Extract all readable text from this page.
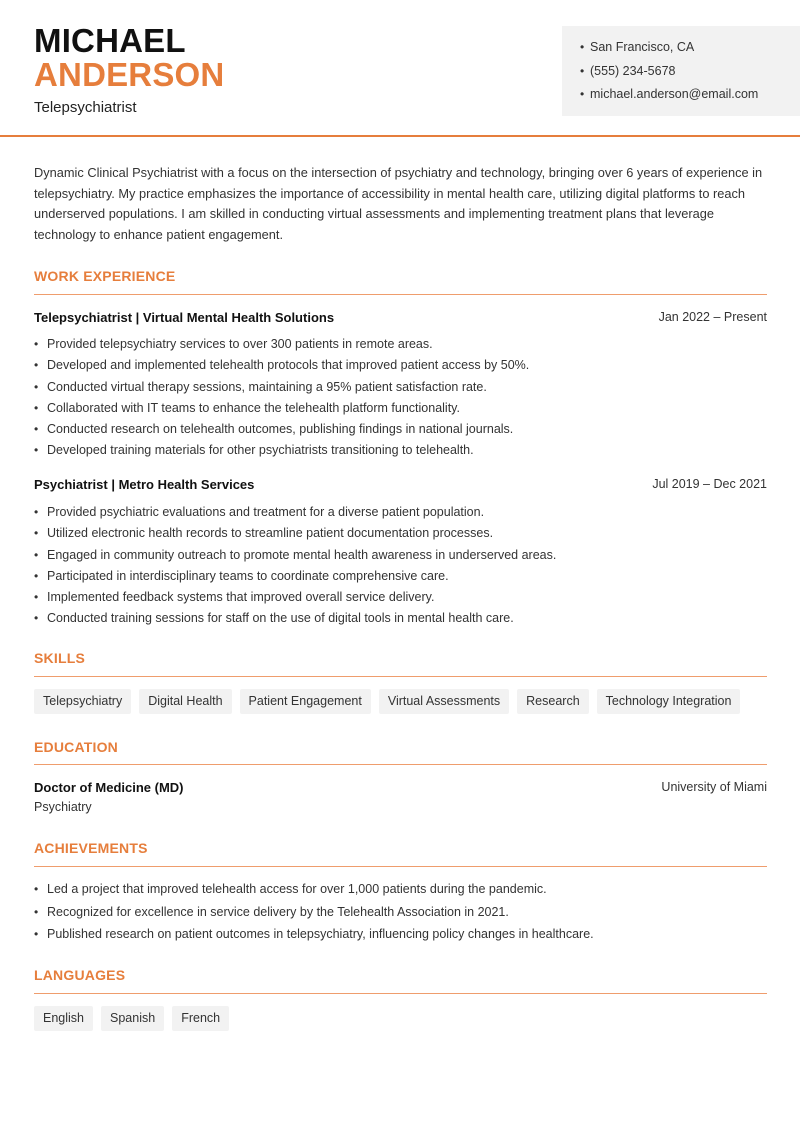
MICHAEL
ANDERSON
Telepsychiatrist
• San Francisco, CA
• (555) 234-5678
• michael.anderson@email.com
Dynamic Clinical Psychiatrist with a focus on the intersection of psychiatry and technology, bringing over 6 years of experience in telepsychiatry. My practice emphasizes the importance of accessibility in mental health care, utilizing digital platforms to reach underserved populations. I am skilled in conducting virtual assessments and implementing treatment plans that leverage technology to enhance patient engagement.
WORK EXPERIENCE
Telepsychiatrist | Virtual Mental Health Solutions	Jan 2022 – Present
• Provided telepsychiatry services to over 300 patients in remote areas.
• Developed and implemented telehealth protocols that improved patient access by 50%.
• Conducted virtual therapy sessions, maintaining a 95% patient satisfaction rate.
• Collaborated with IT teams to enhance the telehealth platform functionality.
• Conducted research on telehealth outcomes, publishing findings in national journals.
• Developed training materials for other psychiatrists transitioning to telehealth.
Psychiatrist | Metro Health Services	Jul 2019 – Dec 2021
• Provided psychiatric evaluations and treatment for a diverse patient population.
• Utilized electronic health records to streamline patient documentation processes.
• Engaged in community outreach to promote mental health awareness in underserved areas.
• Participated in interdisciplinary teams to coordinate comprehensive care.
• Implemented feedback systems that improved overall service delivery.
• Conducted training sessions for staff on the use of digital tools in mental health care.
SKILLS
Telepsychiatry	Digital Health	Patient Engagement	Virtual Assessments	Research	Technology Integration
EDUCATION
Doctor of Medicine (MD)	University of Miami
Psychiatry
ACHIEVEMENTS
• Led a project that improved telehealth access for over 1,000 patients during the pandemic.
• Recognized for excellence in service delivery by the Telehealth Association in 2021.
• Published research on patient outcomes in telepsychiatry, influencing policy changes in healthcare.
LANGUAGES
English	Spanish	French
